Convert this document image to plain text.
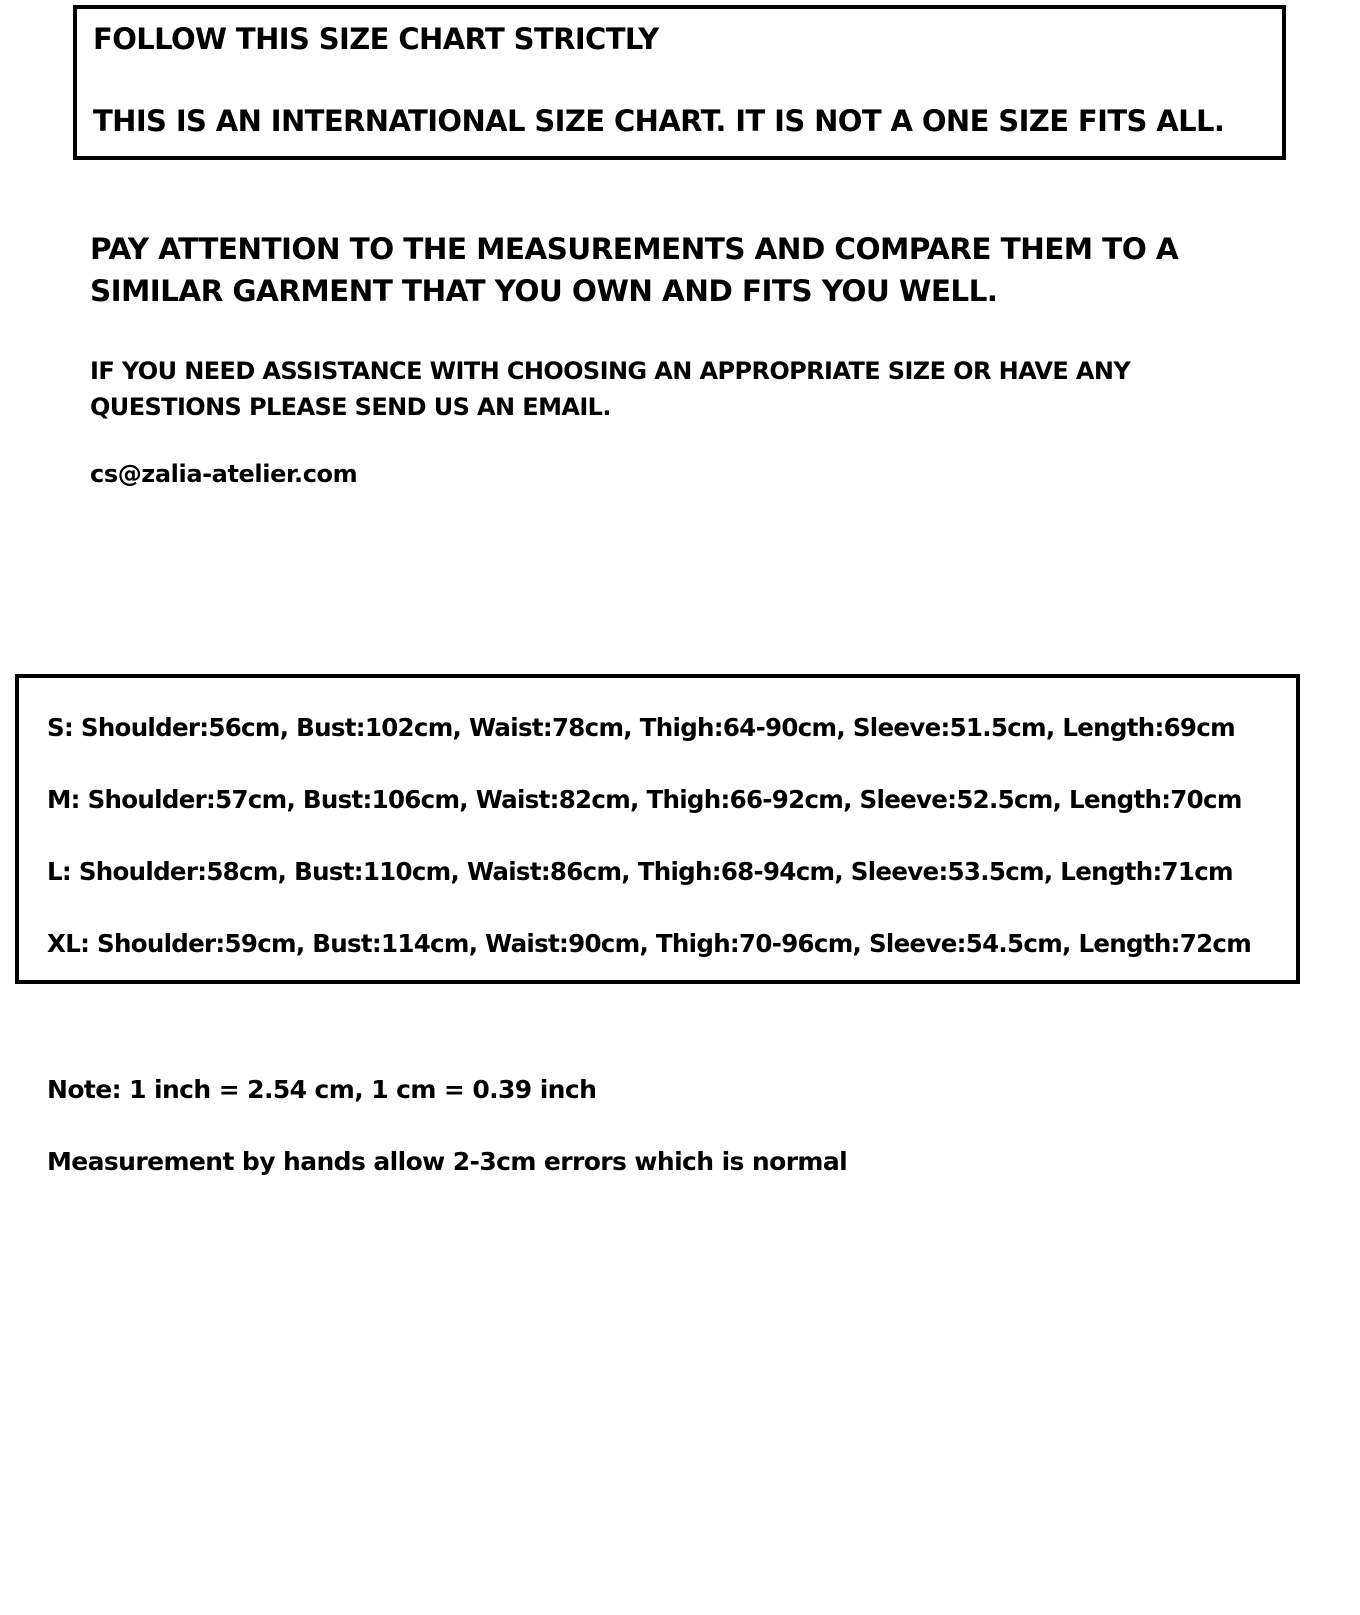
FOLLOW THIS SIZE CHART STRICTLY
THIS IS AN INTERNATIONAL SIZE CHART. IT IS NOT A ONE SIZE FITS ALL.
PAY ATTENTION TO THE MEASUREMENTS AND COMPARE THEM TO A
SIMILAR GARMENT THAT YOU OWN AND FITS YOU WELL.
IF YOU NEED ASSISTANCE WITH CHOOSING AN APPROPRIATE SIZE OR HAVE ANY
QUESTIONS PLEASE SEND US AN EMAIL.
cs@zalia-atelier.com
S: Shoulder:56cm, Bust:102cm, Waist:78cm, Thigh:64-90cm, Sleeve:51.5cm, Length:69cm
M: Shoulder:57cm, Bust:106cm, Waist:82cm, Thigh:66-92cm, Sleeve:52.5cm, Length:70cm
L: Shoulder:58cm, Bust:110cm, Waist:86cm, Thigh:68-94cm, Sleeve:53.5cm, Length:71cm
XL: Shoulder:59cm, Bust:114cm, Waist:90cm, Thigh:70-96cm, Sleeve:54.5cm, Length:72cm
Note: 1 inch = 2.54 cm, 1 cm = 0.39 inch
Measurement by hands allow 2-3cm errors which is normal
